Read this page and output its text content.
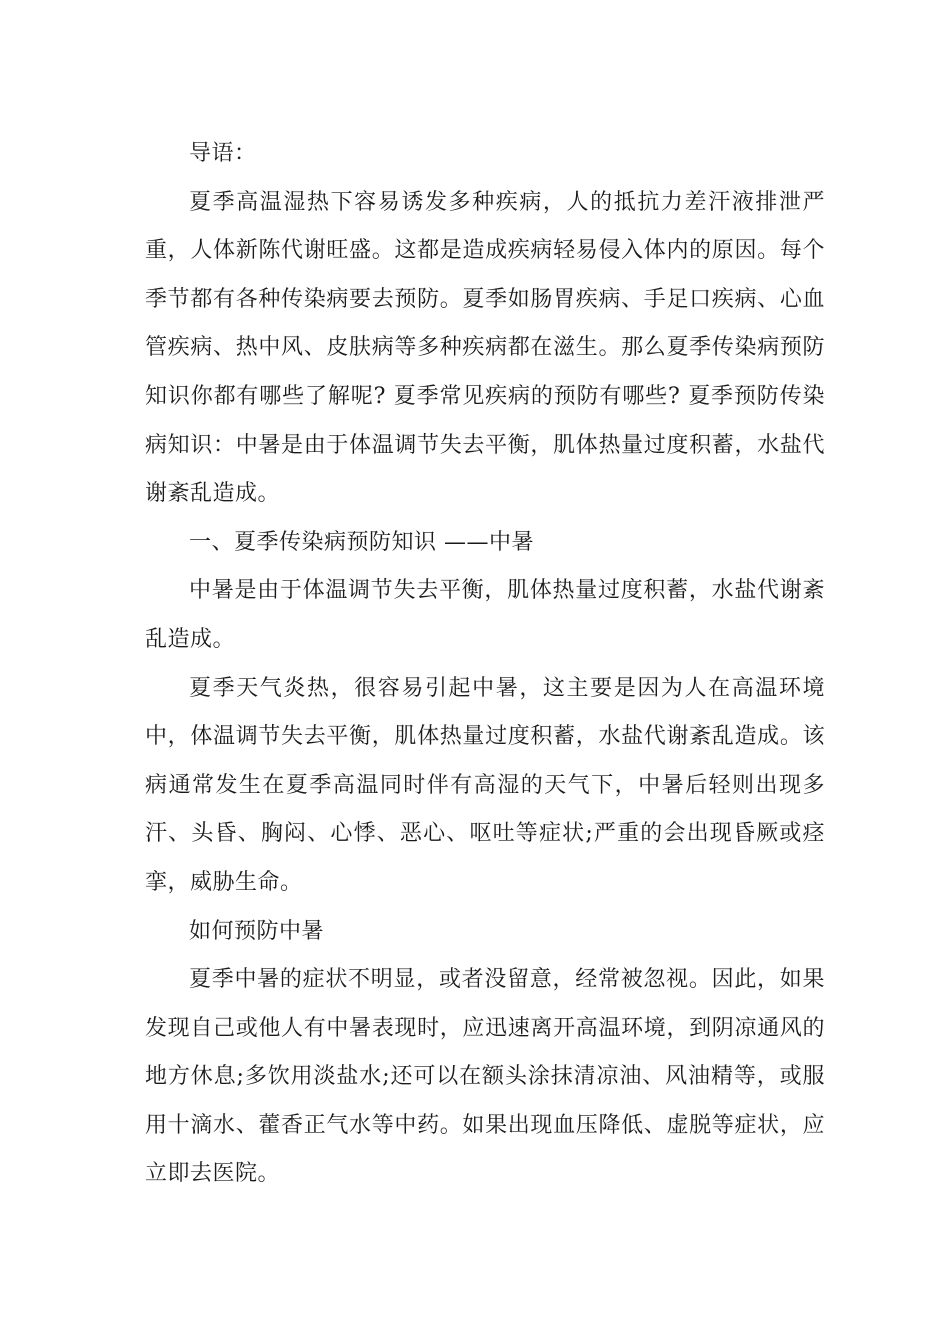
导语：

夏季高温湿热下容易诱发多种疾病，人的抵抗力差汗液排泄严重，人体新陈代谢旺盛。这都是造成疾病轻易侵入体内的原因。每个季节都有各种传染病要去预防。夏季如肠胃疾病、手足口疾病、心血管疾病、热中风、皮肤病等多种疾病都在滋生。那么夏季传染病预防知识你都有哪些了解呢? 夏季常见疾病的预防有哪些? 夏季预防传染病知识：中暑是由于体温调节失去平衡，肌体热量过度积蓄，水盐代谢紊乱造成。

一、夏季传染病预防知识 ——中暑

中暑是由于体温调节失去平衡，肌体热量过度积蓄，水盐代谢紊乱造成。

夏季天气炎热，很容易引起中暑，这主要是因为人在高温环境中，体温调节失去平衡，肌体热量过度积蓄，水盐代谢紊乱造成。该病通常发生在夏季高温同时伴有高湿的天气下，中暑后轻则出现多汗、头昏、胸闷、心悸、恶心、呕吐等症状;严重的会出现昏厥或痉挛，威胁生命。

如何预防中暑

夏季中暑的症状不明显，或者没留意，经常被忽视。因此，如果发现自己或他人有中暑表现时，应迅速离开高温环境，到阴凉通风的地方休息;多饮用淡盐水;还可以在额头涂抹清凉油、风油精等，或服用十滴水、藿香正气水等中药。如果出现血压降低、虚脱等症状，应立即去医院。
